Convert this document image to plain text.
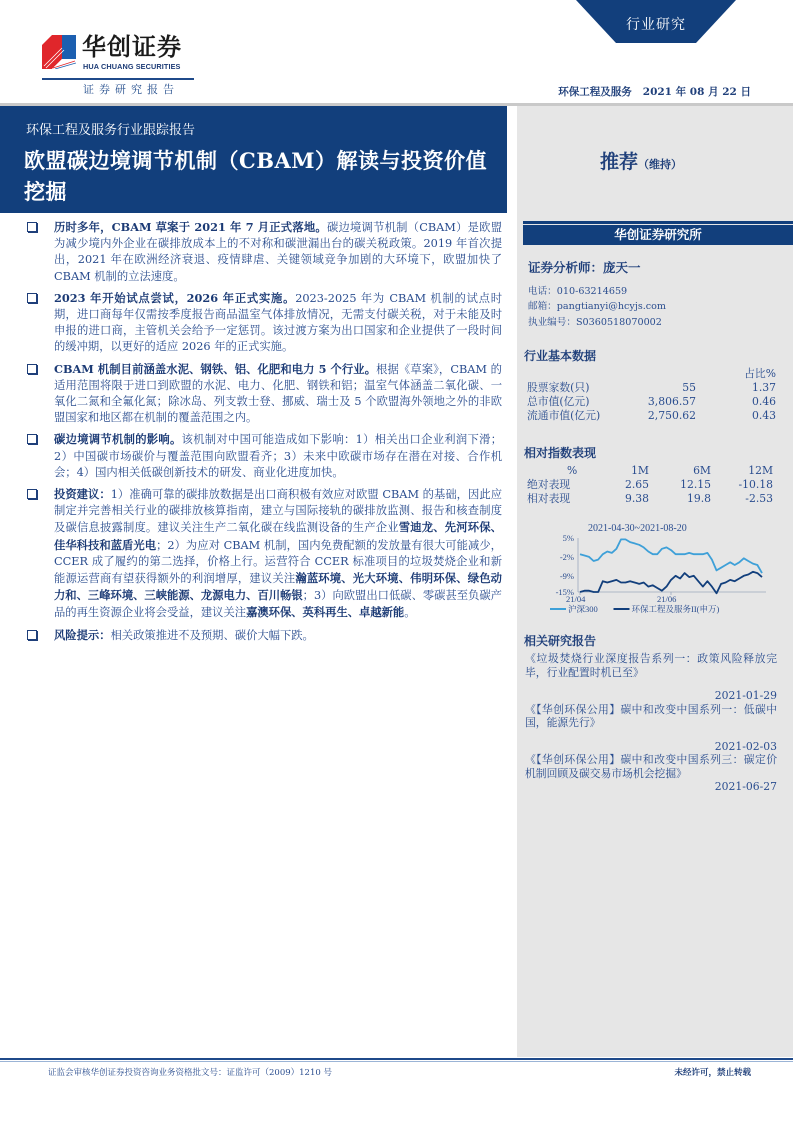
华创证券
HUA CHUANG SECURITIES
证券研究报告
行业研究
环保工程及服务 2021 年 08 月 22 日
环保工程及服务行业跟踪报告
欧盟碳边境调节机制（CBAM）解读与投资价值挖掘
历时多年，CBAM 草案于 2021 年 7 月正式落地。碳边境调节机制（CBAM）是欧盟为减少境内外企业在碳排放成本上的不对称和碳泄漏出台的碳关税政策。2019 年首次提出，2021 年在欧洲经济衰退、疫情肆虐、关键领域竞争加剧的大环境下，欧盟加快了 CBAM 机制的立法速度。
2023 年开始试点尝试，2026 年正式实施。2023-2025 年为 CBAM 机制的试点时期，进口商每年仅需按季度报告商品温室气体排放情况，无需支付碳关税，对于未能及时申报的进口商，主管机关会给予一定惩罚。该过渡方案为出口国家和企业提供了一段时间的缓冲期，以更好的适应 2026 年的正式实施。
CBAM 机制目前涵盖水泥、钢铁、铝、化肥和电力 5 个行业。根据《草案》，CBAM 的适用范围将限于进口到欧盟的水泥、电力、化肥、钢铁和铝；温室气体涵盖二氧化碳、一氧化二氮和全氟化氮；除冰岛、列支敦士登、挪威、瑞士及 5 个欧盟海外领地之外的非欧盟国家和地区都在机制的覆盖范围之内。
碳边境调节机制的影响。该机制对中国可能造成如下影响：1）相关出口企业利润下滑；2）中国碳市场碳价与覆盖范围向欧盟看齐；3）未来中欧碳市场存在潜在对接、合作机会；4）国内相关低碳创新技术的研发、商业化进度加快。
投资建议：1）准确可靠的碳排放数据是出口商积极有效应对欧盟 CBAM 的基础，因此应制定并完善相关行业的碳排放核算指南，建立与国际接轨的碳排放监测、报告和核查制度及碳信息披露制度。建议关注生产二氧化碳在线监测设备的生产企业雪迪龙、先河环保、佳华科技和蓝盾光电；2）为应对 CBAM 机制，国内免费配额的发放量有很大可能减少，CCER 成了履约的第二选择，价格上行。运营符合 CCER 标准项目的垃圾焚烧企业和新能源运营商有望获得额外的利润增厚，建议关注瀚蓝环境、光大环境、伟明环保、绿色动力和、三峰环境、三峡能源、龙源电力、百川畅银；3）向欧盟出口低碳、零碳甚至负碳产品的再生资源企业将会受益，建议关注嘉澳环保、英科再生、卓越新能。
风险提示：相关政策推进不及预期、碳价大幅下跌。
推荐（维持）
华创证券研究所
证券分析师：庞天一
电话：010-63214659
邮箱：pangtianyi@hcyjs.com
执业编号：S0360518070002
行业基本数据
		占比%
股票家数(只)	55	1.37
总市值(亿元)	3,806.57	0.46
流通市值(亿元)	2,750.62	0.43
相对指数表现
%	1M	6M	12M
绝对表现	2.65	12.15	-10.18
相对表现	9.38	19.8	-2.53
2021-04-30~2021-08-20
5%
-2%
-9%
-15%
21/04	21/06
沪深300	环保工程及服务II(申万)
相关研究报告
《垃圾焚烧行业深度报告系列一：政策风险释放完毕，行业配置时机已至》
2021-01-29
《【华创环保公用】碳中和改变中国系列一：低碳中国，能源先行》
2021-02-03
《【华创环保公用】碳中和改变中国系列三：碳定价机制回顾及碳交易市场机会挖掘》
2021-06-27
证监会审核华创证券投资咨询业务资格批文号：证监许可（2009）1210 号	未经许可，禁止转载
